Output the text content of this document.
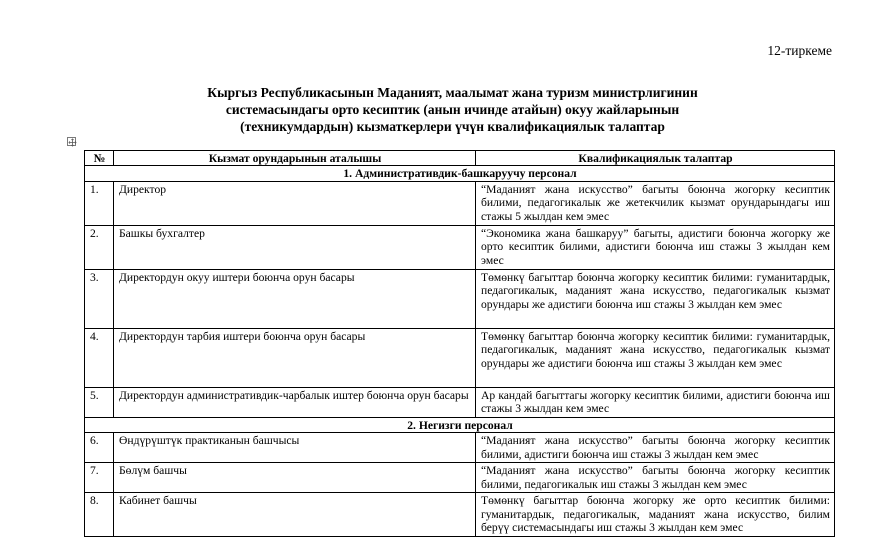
12-тиркеме
Кыргыз Республикасынын Маданият, маалымат жана туризм министрлигинин
системасындагы орто кесиптик (анын ичинде атайын) окуу жайларынын
(техникумдардын) кызматкерлери үчүн квалификациялык талаптар
№	Кызмат орундарынын аталышы	Квалификациялык талаптар
1. Административдик-башкаруучу персонал		
1.	Директор	“Маданият жана искусство” багыты боюнча жогорку кесиптик билими, педагогикалык же жетекчилик кызмат орундарындагы иш стажы 5 жылдан кем эмес
2.	Башкы бухгалтер	“Экономика жана башкаруу” багыты, адистиги боюнча жогорку же орто кесиптик билими, адистиги боюнча иш стажы 3 жылдан кем эмес
3.	Директордун окуу иштери боюнча орун басары	Төмөнкү багыттар боюнча жогорку кесиптик билими: гуманитардык, педагогикалык, маданият жана искусство, педагогикалык кызмат орундары же адистиги боюнча иш стажы 3 жылдан кем эмес
4.	Директордун тарбия иштери боюнча орун басары	Төмөнкү багыттар боюнча жогорку кесиптик билими: гуманитардык, педагогикалык, маданият жана искусство, педагогикалык кызмат орундары же адистиги боюнча иш стажы 3 жылдан кем эмес
5.	Директордун административдик-чарбалык иштер боюнча орун басары	Ар кандай багыттагы жогорку кесиптик билими, адистиги боюнча иш стажы 3 жылдан кем эмес
2. Негизги персонал		
6.	Өндүрүштүк практиканын башчысы	“Маданият жана искусство” багыты боюнча жогорку кесиптик билими, адистиги боюнча иш стажы 3 жылдан кем эмес
7.	Бөлүм башчы	“Маданият жана искусство” багыты боюнча жогорку кесиптик билими, педагогикалык иш стажы 3 жылдан кем эмес
8.	Кабинет башчы	Төмөнкү багыттар боюнча жогорку же орто кесиптик билими: гуманитардык, педагогикалык, маданият жана искусство, билим берүү системасындагы иш стажы 3 жылдан кем эмес
